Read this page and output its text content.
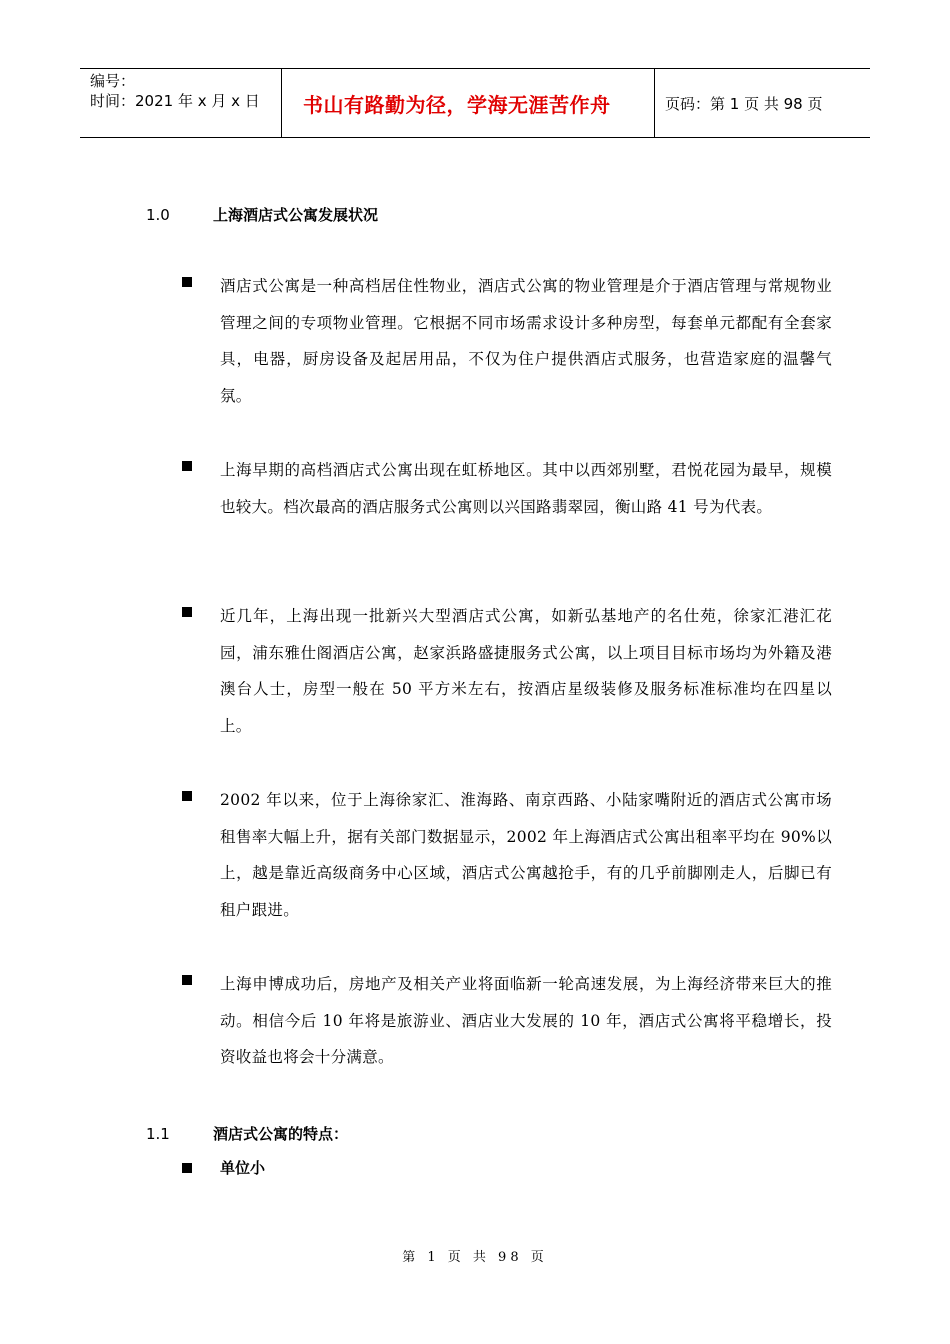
编号：
时间：2021 年 x 月 x 日	书山有路勤为径，学海无涯苦作舟	页码：第 1 页 共 98 页
1.0	上海酒店式公寓发展状况
酒店式公寓是一种高档居住性物业，酒店式公寓的物业管理是介于酒店管理与常规物业管理之间的专项物业管理。它根据不同市场需求设计多种房型，每套单元都配有全套家具，电器，厨房设备及起居用品，不仅为住户提供酒店式服务，也营造家庭的温馨气氛。
上海早期的高档酒店式公寓出现在虹桥地区。其中以西郊别墅，君悦花园为最早，规模也较大。档次最高的酒店服务式公寓则以兴国路翡翠园，衡山路 41 号为代表。
近几年，上海出现一批新兴大型酒店式公寓，如新弘基地产的名仕苑，徐家汇港汇花园，浦东雅仕阁酒店公寓，赵家浜路盛捷服务式公寓，以上项目目标市场均为外籍及港澳台人士，房型一般在 50 平方米左右，按酒店星级装修及服务标准标准均在四星以上。
2002 年以来，位于上海徐家汇、淮海路、南京西路、小陆家嘴附近的酒店式公寓市场租售率大幅上升，据有关部门数据显示，2002 年上海酒店式公寓出租率平均在 90%以上，越是靠近高级商务中心区域，酒店式公寓越抢手，有的几乎前脚刚走人，后脚已有租户跟进。
上海申博成功后，房地产及相关产业将面临新一轮高速发展，为上海经济带来巨大的推动。相信今后 10 年将是旅游业、酒店业大发展的 10 年，酒店式公寓将平稳增长，投资收益也将会十分满意。
1.1	酒店式公寓的特点：
单位小
第 1 页 共 98 页
